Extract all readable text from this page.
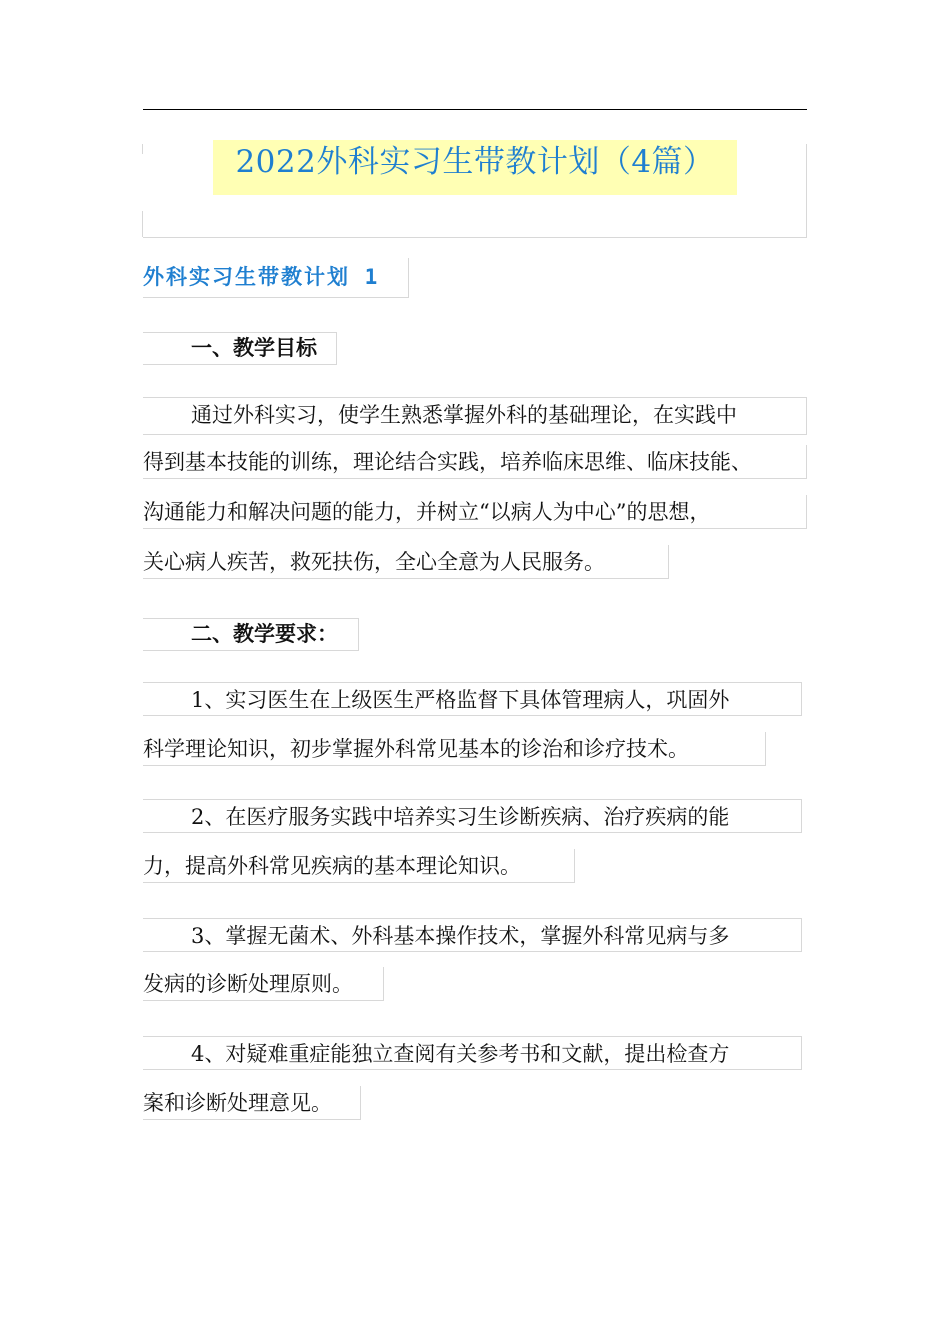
2022外科实习生带教计划（4篇）
外科实习生带教计划 1
一、教学目标
通过外科实习，使学生熟悉掌握外科的基础理论，在实践中
得到基本技能的训练，理论结合实践，培养临床思维、临床技能、
沟通能力和解决问题的能力，并树立“以病人为中心”的思想，
关心病人疾苦，救死扶伤，全心全意为人民服务。
二、教学要求：
1、实习医生在上级医生严格监督下具体管理病人，巩固外
科学理论知识，初步掌握外科常见基本的诊治和诊疗技术。
2、在医疗服务实践中培养实习生诊断疾病、治疗疾病的能
力，提高外科常见疾病的基本理论知识。
3、掌握无菌术、外科基本操作技术，掌握外科常见病与多
发病的诊断处理原则。
4、对疑难重症能独立查阅有关参考书和文献，提出检查方
案和诊断处理意见。
